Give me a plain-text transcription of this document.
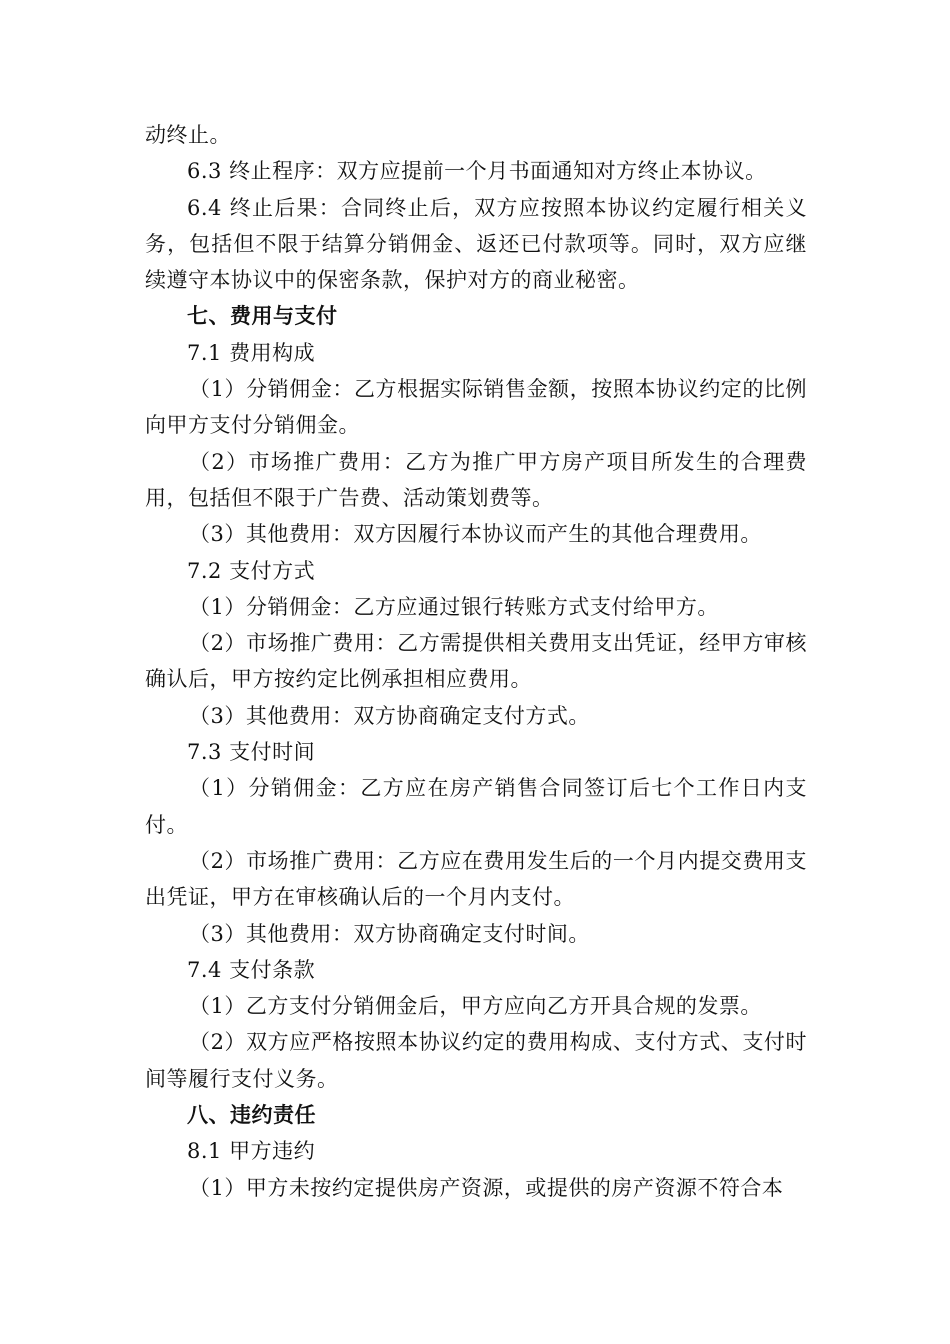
动终止。

6.3 终止程序：双方应提前一个月书面通知对方终止本协议。

6.4 终止后果：合同终止后，双方应按照本协议约定履行相关义务，包括但不限于结算分销佣金、返还已付款项等。同时，双方应继续遵守本协议中的保密条款，保护对方的商业秘密。

七、费用与支付

7.1 费用构成

（1）分销佣金：乙方根据实际销售金额，按照本协议约定的比例向甲方支付分销佣金。

（2）市场推广费用：乙方为推广甲方房产项目所发生的合理费用，包括但不限于广告费、活动策划费等。

（3）其他费用：双方因履行本协议而产生的其他合理费用。

7.2 支付方式

（1）分销佣金：乙方应通过银行转账方式支付给甲方。

（2）市场推广费用：乙方需提供相关费用支出凭证，经甲方审核确认后，甲方按约定比例承担相应费用。

（3）其他费用：双方协商确定支付方式。

7.3 支付时间

（1）分销佣金：乙方应在房产销售合同签订后七个工作日内支付。

（2）市场推广费用：乙方应在费用发生后的一个月内提交费用支出凭证，甲方在审核确认后的一个月内支付。

（3）其他费用：双方协商确定支付时间。

7.4 支付条款

（1）乙方支付分销佣金后，甲方应向乙方开具合规的发票。

（2）双方应严格按照本协议约定的费用构成、支付方式、支付时间等履行支付义务。

八、违约责任

8.1 甲方违约

（1）甲方未按约定提供房产资源，或提供的房产资源不符合本
